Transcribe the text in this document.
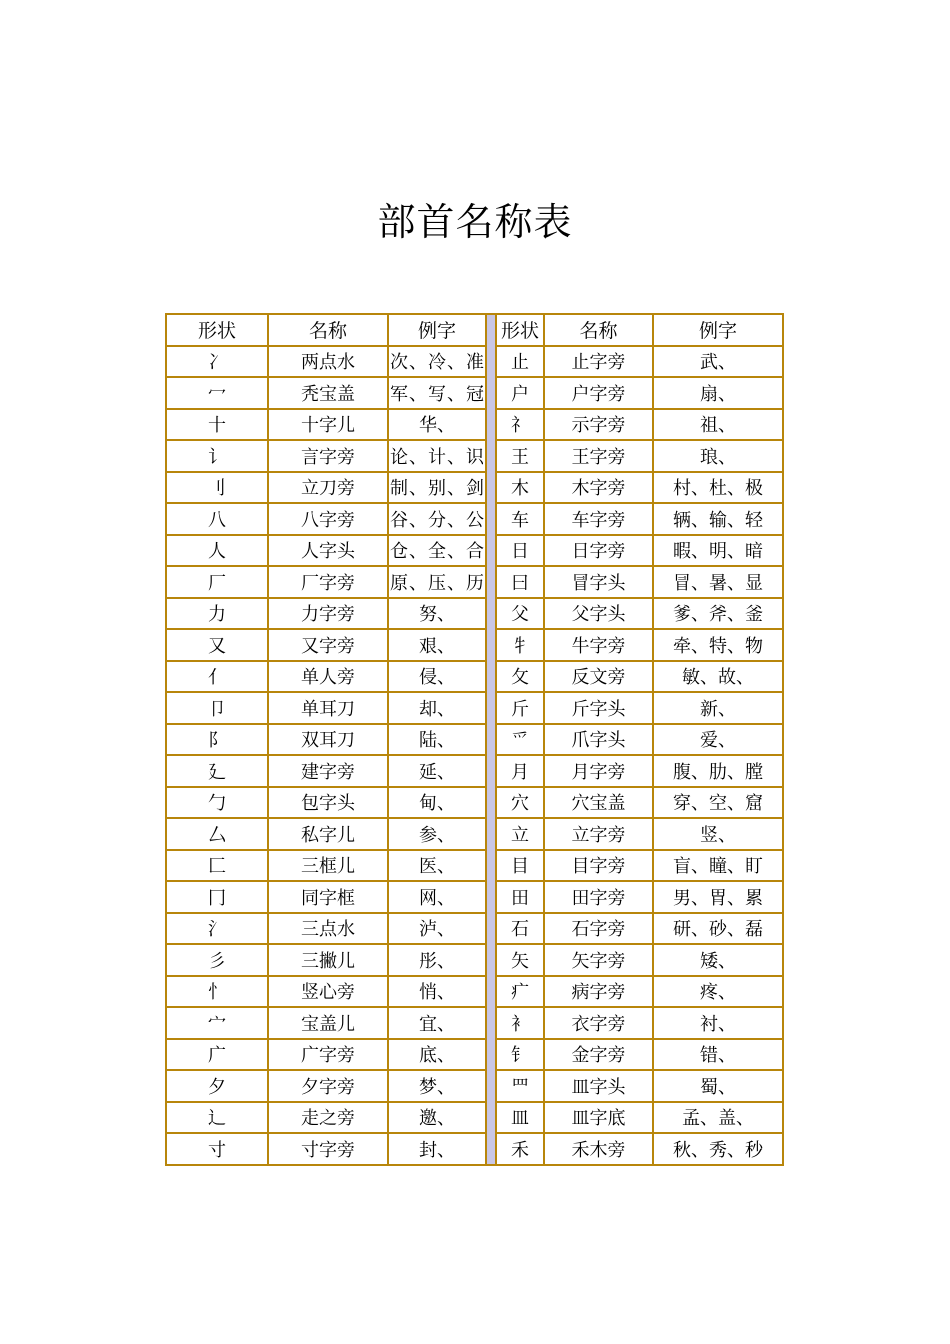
部首名称表
形状	名称	例字		形状	名称	例字
冫	两点水	次、冷、准		止	止字旁	武、
冖	秃宝盖	军、写、冠		户	户字旁	扇、
十	十字儿	华、		礻	示字旁	祖、
讠	言字旁	论、计、识		王	王字旁	琅、
刂	立刀旁	制、别、剑		木	木字旁	村、杜、极
八	八字旁	谷、分、公		车	车字旁	辆、输、轻
人	人字头	仓、全、合		日	日字旁	暇、明、暗
厂	厂字旁	原、压、历		曰	冒字头	冒、暑、显
力	力字旁	努、		父	父字头	爹、斧、釜
又	又字旁	艰、		牜	牛字旁	牵、特、物
亻	单人旁	侵、		攵	反文旁	敏、故、
卩	单耳刀	却、		斤	斤字头	新、
阝	双耳刀	陆、		爫	爪字头	爱、
廴	建字旁	延、		月	月字旁	腹、肋、膛
勹	包字头	甸、		穴	穴宝盖	穿、空、窟
厶	私字儿	参、		立	立字旁	竖、
匚	三框儿	医、		目	目字旁	盲、瞳、盯
冂	同字框	网、		田	田字旁	男、胃、累
氵	三点水	泸、		石	石字旁	研、砂、磊
彡	三撇儿	彤、		矢	矢字旁	矮、
忄	竖心旁	悄、		疒	病字旁	疼、
宀	宝盖儿	宜、		衤	衣字旁	衬、
广	广字旁	底、		钅	金字旁	错、
夕	夕字旁	梦、		罒	皿字头	蜀、
辶	走之旁	邀、		皿	皿字底	孟、盖、
寸	寸字旁	封、		禾	禾木旁	秋、秀、秒
